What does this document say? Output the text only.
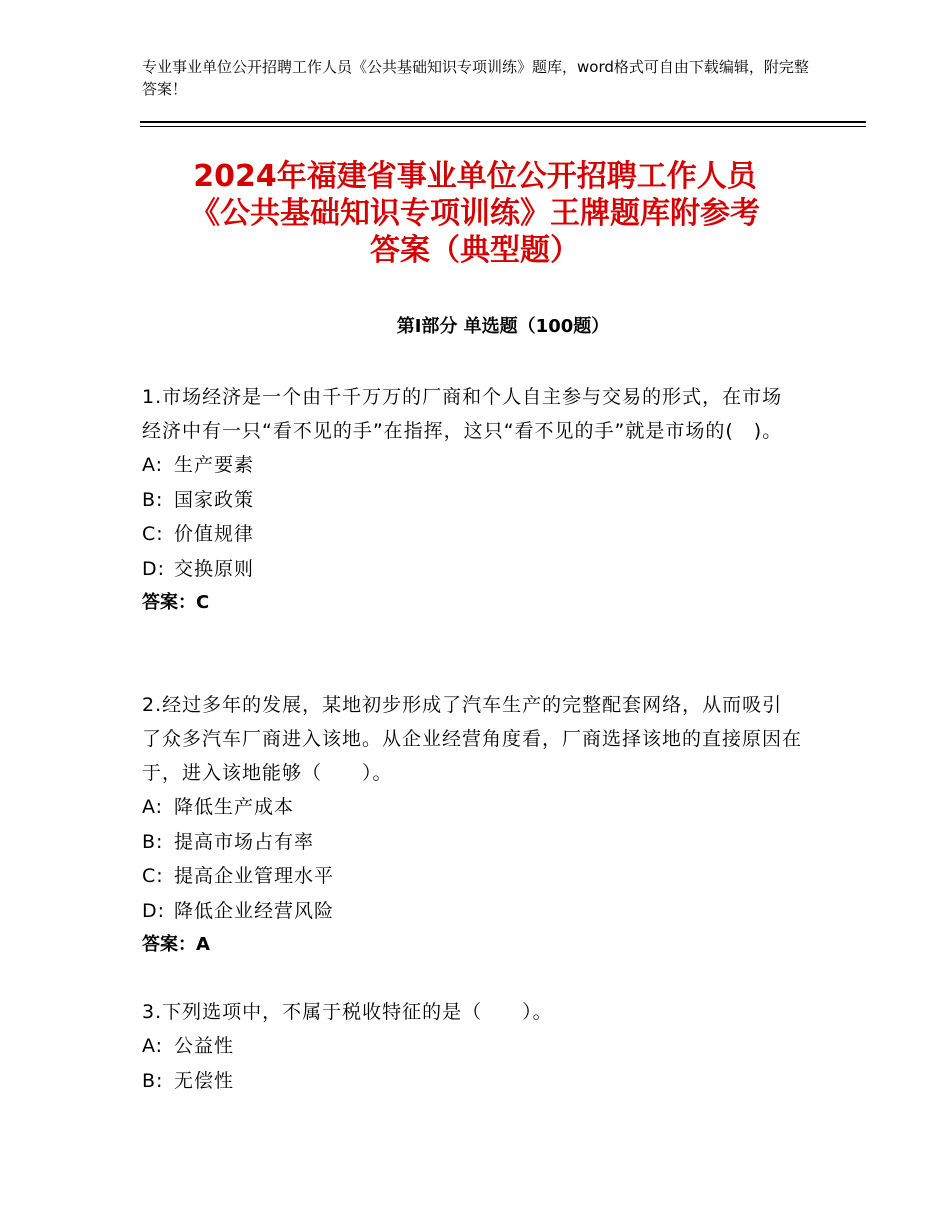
专业事业单位公开招聘工作人员《公共基础知识专项训练》题库，word格式可自由下载编辑，附完整答案！
2024年福建省事业单位公开招聘工作人员
《公共基础知识专项训练》王牌题库附参考
答案（典型题）
第Ⅰ部分 单选题（100题）
1.市场经济是一个由千千万万的厂商和个人自主参与交易的形式，在市场经济中有一只“看不见的手”在指挥，这只“看不见的手”就是市场的(　)。
A: 生产要素
B: 国家政策
C: 价值规律
D: 交换原则
答案：C
2.经过多年的发展，某地初步形成了汽车生产的完整配套网络，从而吸引了众多汽车厂商进入该地。从企业经营角度看，厂商选择该地的直接原因在于，进入该地能够（　　）。
A: 降低生产成本
B: 提高市场占有率
C: 提高企业管理水平
D: 降低企业经营风险
答案：A
3.下列选项中，不属于税收特征的是（　　）。
A: 公益性
B: 无偿性
